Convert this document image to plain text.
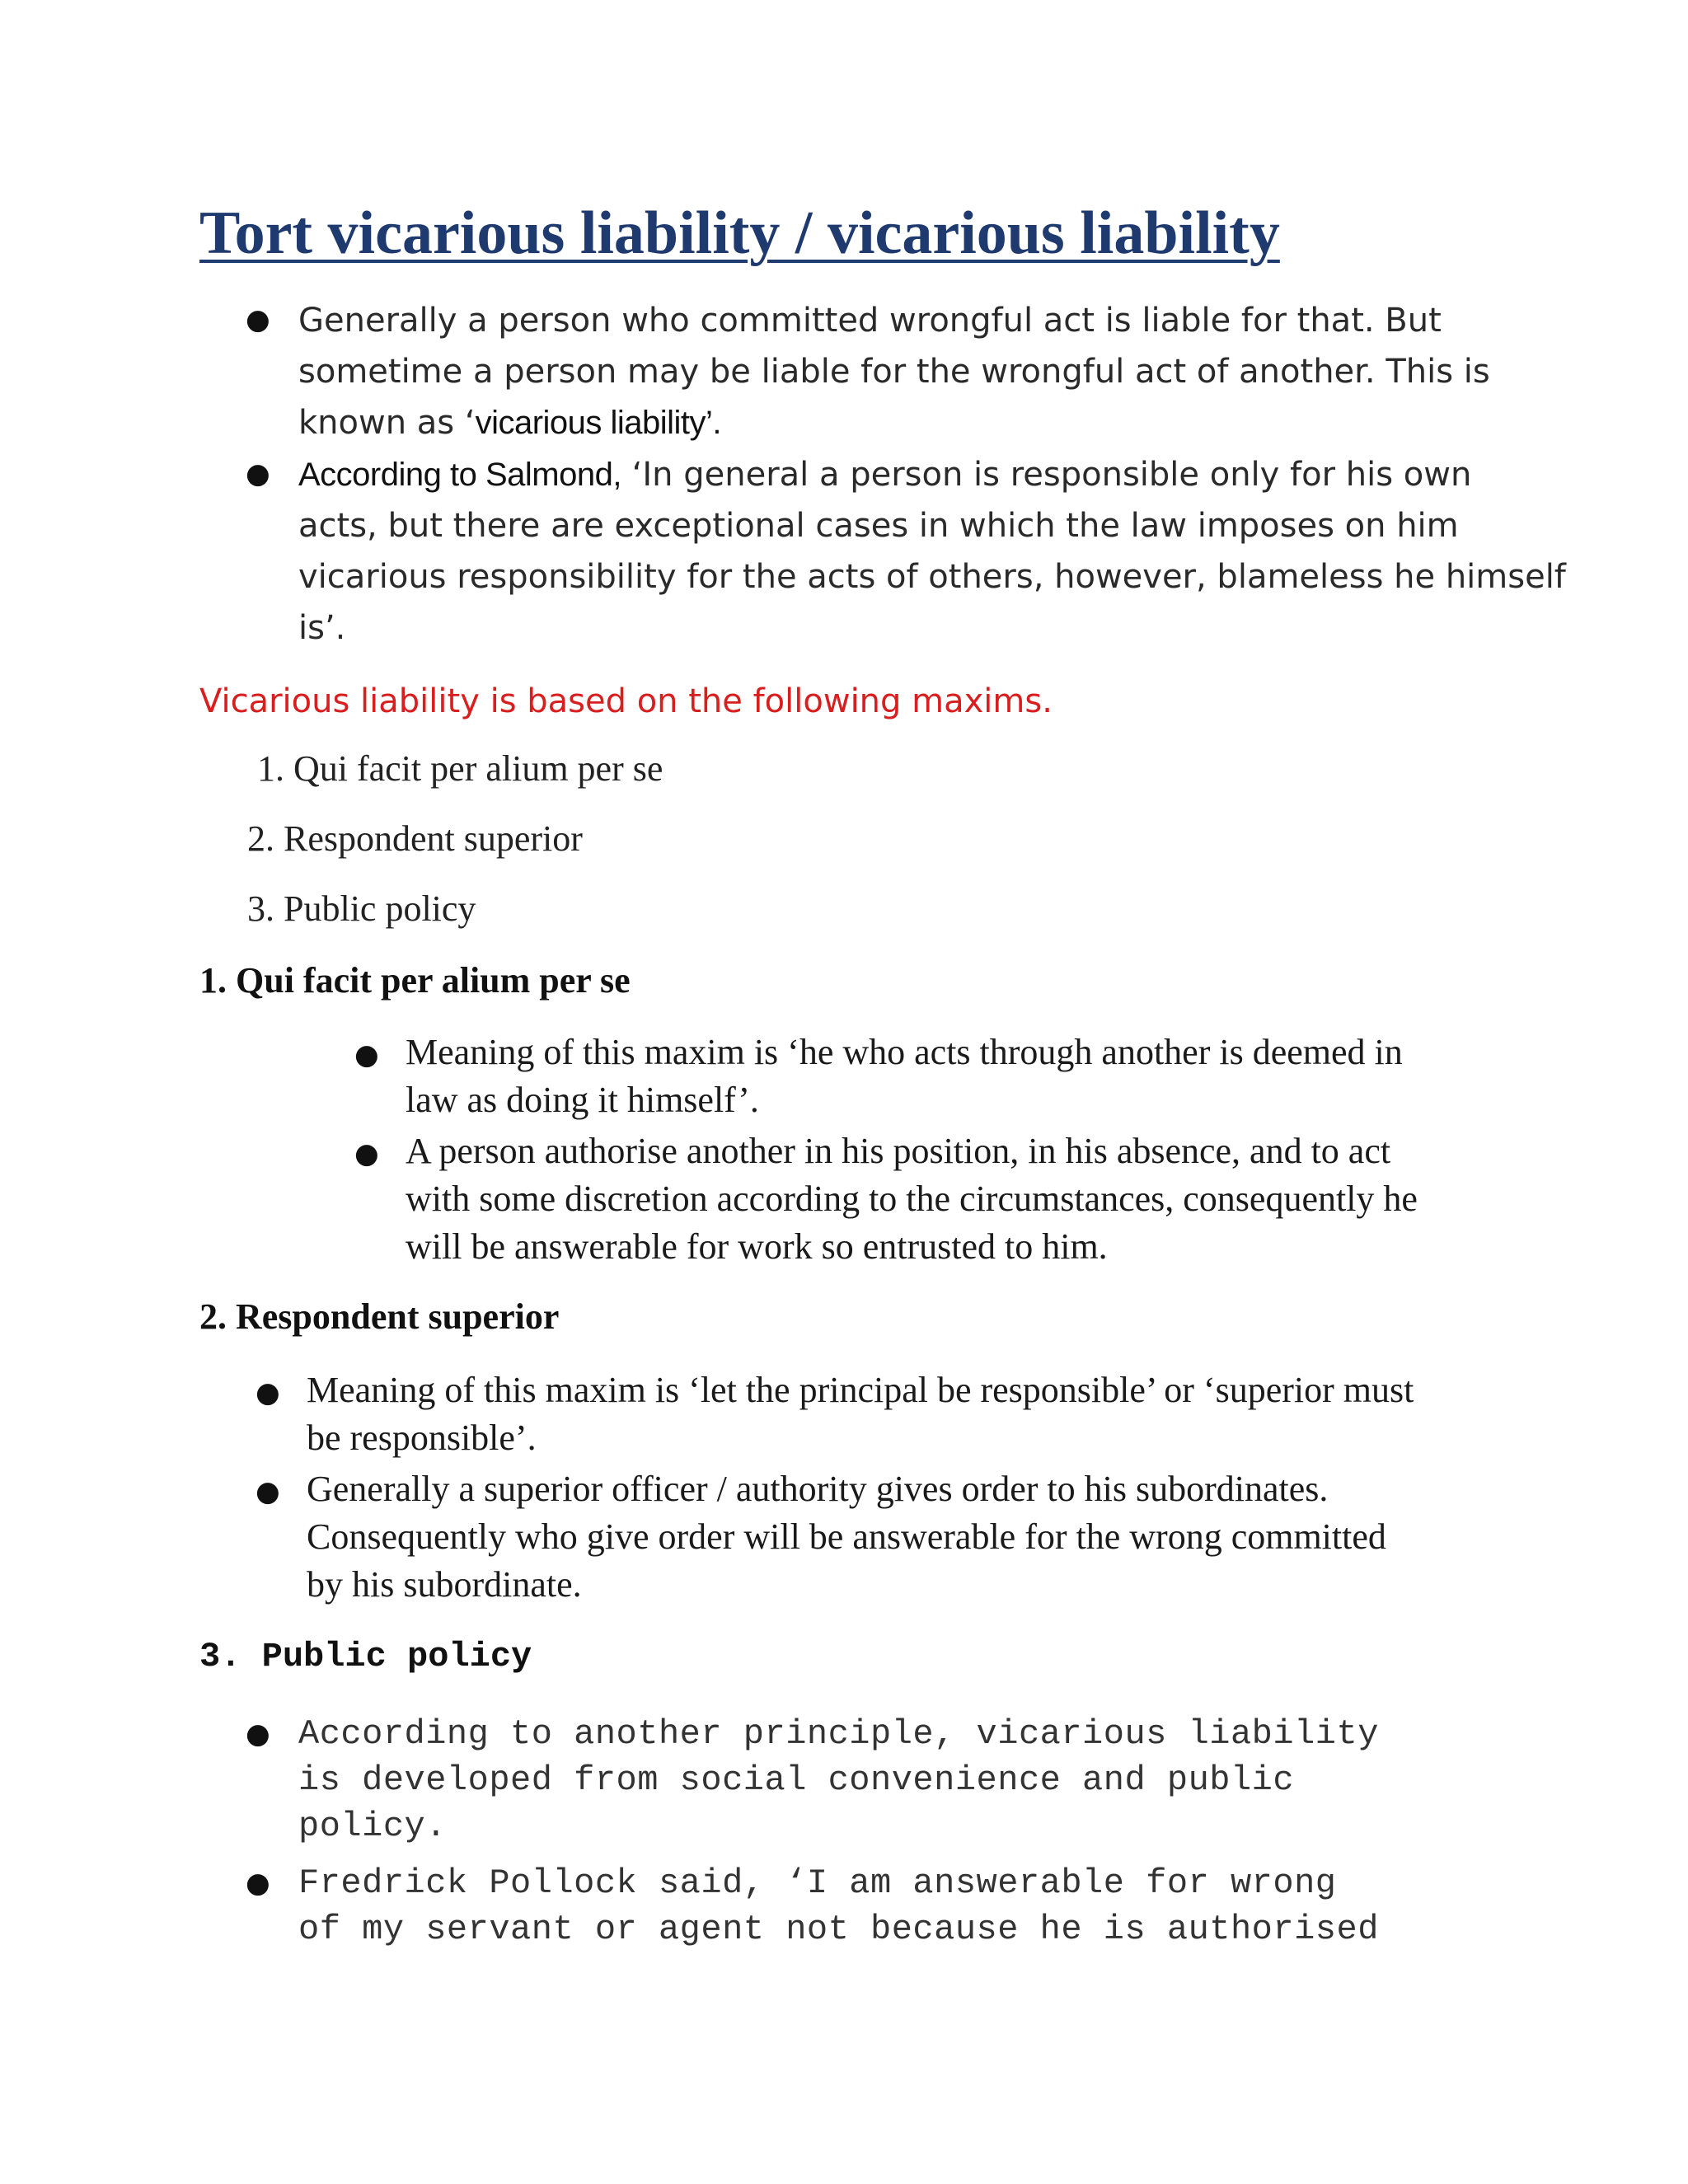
Tort vicarious liability / vicarious liability
● Generally a person who committed wrongful act is liable for that. But
sometime a person may be liable for the wrongful act of another. This is
known as ‘vicarious liability’.

● According to Salmond, ‘In general a person is responsible only for his own
acts, but there are exceptional cases in which the law imposes on him
vicarious responsibility for the acts of others, however, blameless he himself
is’.

Vicarious liability is based on the following maxims.

1. Qui facit per alium per se

2. Respondent superior

3. Public policy

1. Qui facit per alium per se
● Meaning of this maxim is ‘he who acts through another is deemed in
law as doing it himself’.

● A person authorise another in his position, in his absence, and to act
with some discretion according to the circumstances, consequently he
will be answerable for work so entrusted to him.

2. Respondent superior
● Meaning of this maxim is ‘let the principal be responsible’ or ‘superior must
be responsible’.

● Generally a superior officer / authority gives order to his subordinates.
Consequently who give order will be answerable for the wrong committed
by his subordinate.

3. Public policy
● According to another principle, vicarious liability
is developed from social convenience and public
policy.

● Fredrick Pollock said, ‘I am answerable for wrong
of my servant or agent not because he is authorised
